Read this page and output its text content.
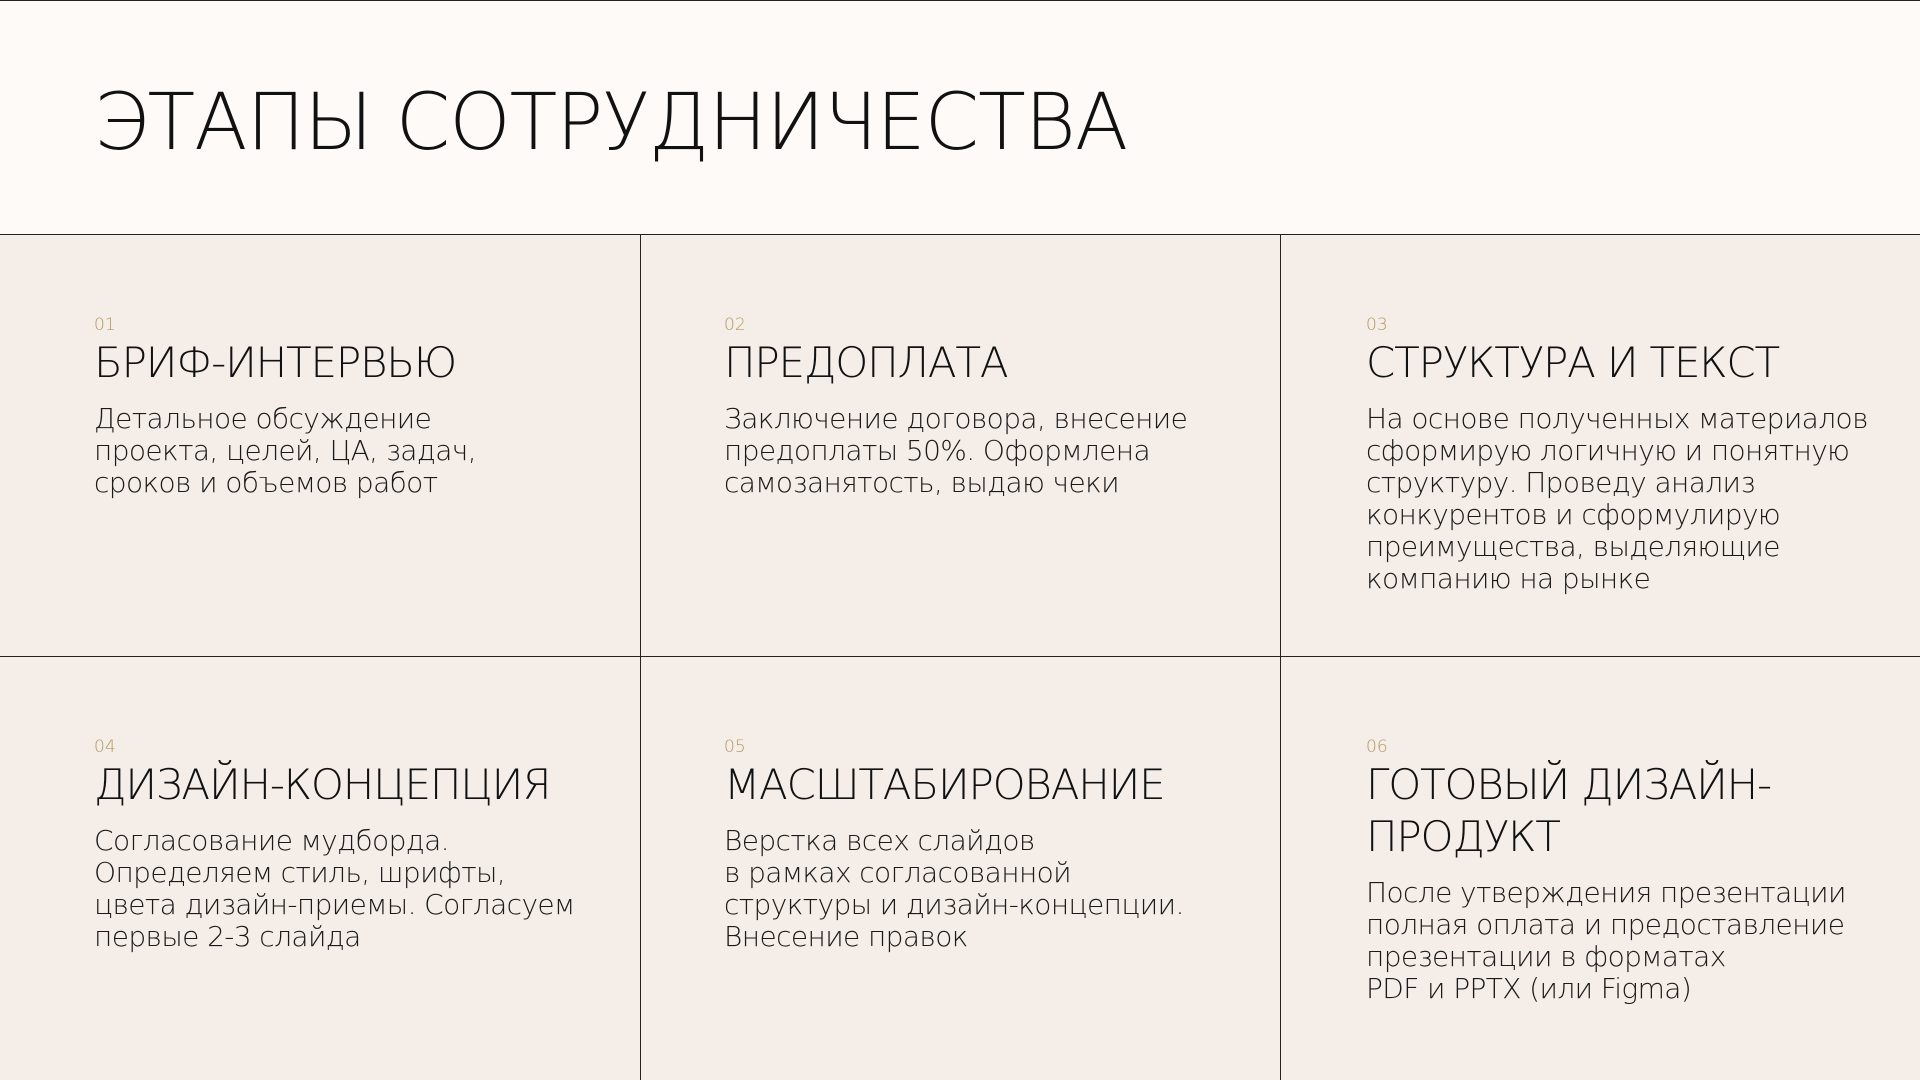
ЭТАПЫ СОТРУДНИЧЕСТВА
01
БРИФ-ИНТЕРВЬЮ

Детальное обсуждение
проекта, целей, ЦА, задач,
сроков и объемов работ

02
ПРЕДОПЛАТА

Заключение договора, внесение
предоплаты 50%. Оформлена
самозанятость, выдаю чеки

03
СТРУКТУРА И ТЕКСТ

На основе полученных материалов
сформирую логичную и понятную
структуру. Проведу анализ
конкурентов и сформулирую
преимущества, выделяющие
компанию на рынке

04
ДИЗАЙН-КОНЦЕПЦИЯ

Согласование мудборда.
Определяем стиль, шрифты,
цвета дизайн-приемы. Согласуем
первые 2-3 слайда

05
МАСШТАБИРОВАНИЕ

Верстка всех слайдов
в рамках согласованной
структуры и дизайн-концепции.
Внесение правок

06
ГОТОВЫЙ ДИЗАЙН-
ПРОДУКТ

После утверждения презентации
полная оплата и предоставление
презентации в форматах
PDF и PPTX (или Figma)
